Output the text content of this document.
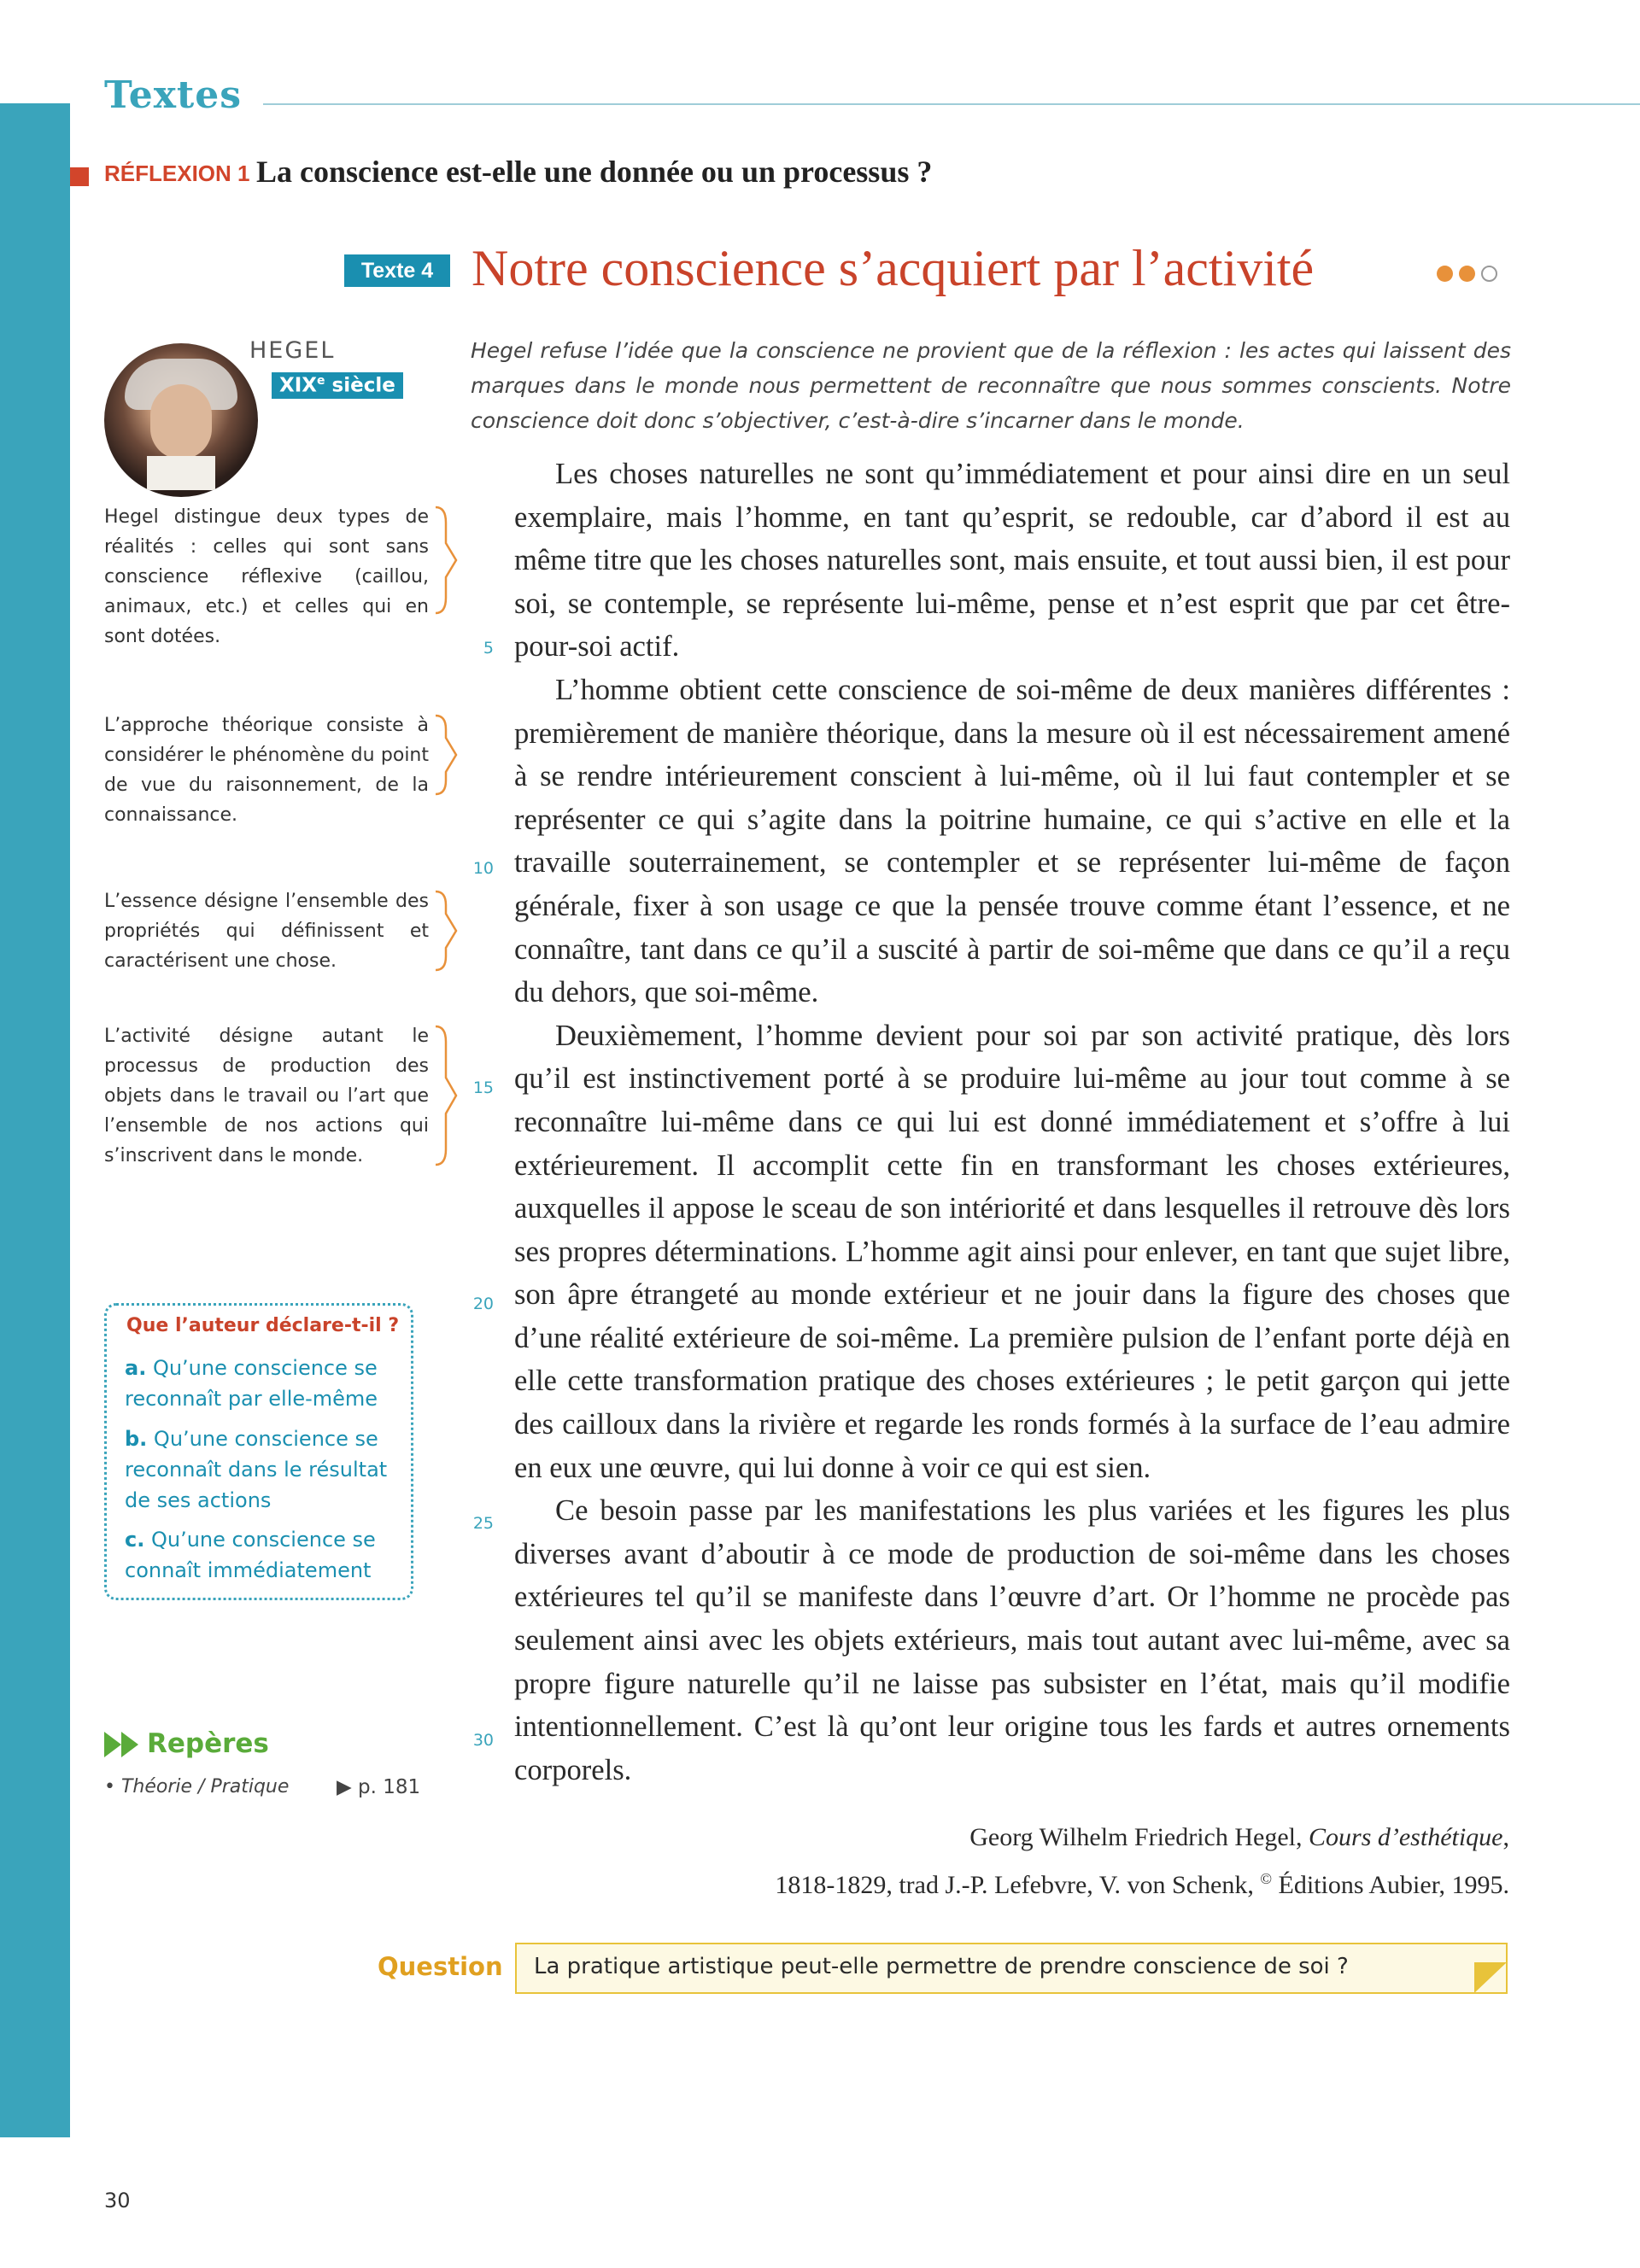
Textes
RÉFLEXION 1 La conscience est-elle une donnée ou un processus ?
Texte 4 Notre conscience s’acquiert par l’activité
HEGEL
XIXe siècle
Hegel distingue deux types de réalités : celles qui sont sans conscience réflexive (caillou, animaux, etc.) et celles qui en sont dotées.
L’approche théorique consiste à considérer le phénomène du point de vue du raisonnement, de la connaissance.
L’essence désigne l’ensemble des propriétés qui définissent et caractérisent une chose.
L’activité désigne autant le processus de production des objets dans le travail ou l’art que l’ensemble de nos actions qui s’inscrivent dans le monde.
Hegel refuse l’idée que la conscience ne provient que de la réflexion : les actes qui laissent des marques dans le monde nous permettent de reconnaître que nous sommes conscients. Notre conscience doit donc s’objectiver, c’est-à-dire s’incarner dans le monde.
5
10
15
20
25
30

Les choses naturelles ne sont qu’immédiatement et pour ainsi dire en un seul exemplaire, mais l’homme, en tant qu’esprit, se redouble, car d’abord il est au même titre que les choses naturelles sont, mais ensuite, et tout aussi bien, il est pour soi, se contemple, se représente lui-même, pense et n’est esprit que par cet être-pour-soi actif.

L’homme obtient cette conscience de soi-même de deux manières différentes : premièrement de manière théorique, dans la mesure où il est nécessairement amené à se rendre intérieurement conscient à lui-même, où il lui faut contempler et se représenter ce qui s’agite dans la poitrine humaine, ce qui s’active en elle et la travaille souterrainement, se contempler et se représenter lui-même de façon générale, fixer à son usage ce que la pensée trouve comme étant l’essence, et ne connaître, tant dans ce qu’il a suscité à partir de soi-même que dans ce qu’il a reçu du dehors, que soi-même.

Deuxièmement, l’homme devient pour soi par son activité pratique, dès lors qu’il est instinctivement porté à se produire lui-même au jour tout comme à se reconnaître lui-même dans ce qui lui est donné immédiatement et s’offre à lui extérieurement. Il accomplit cette fin en transformant les choses extérieures, auxquelles il appose le sceau de son intériorité et dans lesquelles il retrouve dès lors ses propres déterminations. L’homme agit ainsi pour enlever, en tant que sujet libre, son âpre étrangeté au monde extérieur et ne jouir dans la figure des choses que d’une réalité extérieure de soi-même. La première pulsion de l’enfant porte déjà en elle cette transformation pratique des choses extérieures ; le petit garçon qui jette des cailloux dans la rivière et regarde les ronds formés à la surface de l’eau admire en eux une œuvre, qui lui donne à voir ce qui est sien.

Ce besoin passe par les manifestations les plus variées et les figures les plus diverses avant d’aboutir à ce mode de production de soi-même dans les choses extérieures tel qu’il se manifeste dans l’œuvre d’art. Or l’homme ne procède pas seulement ainsi avec les objets extérieurs, mais tout autant avec lui-même, avec sa propre figure naturelle qu’il ne laisse pas subsister en l’état, mais qu’il modifie intentionnellement. C’est là qu’ont leur origine tous les fards et autres ornements corporels.

Georg Wilhelm Friedrich Hegel, Cours d’esthétique,
1818-1829, trad J.-P. Lefebvre, V. von Schenk, © Éditions Aubier, 1995.
Que l’auteur déclare-t-il ?
a. Qu’une conscience se reconnaît par elle-même
b. Qu’une conscience se reconnaît dans le résultat de ses actions
c. Qu’une conscience se connaît immédiatement
Repères
• Théorie / Pratique ▶ p. 181
Question La pratique artistique peut-elle permettre de prendre conscience de soi ?
30
